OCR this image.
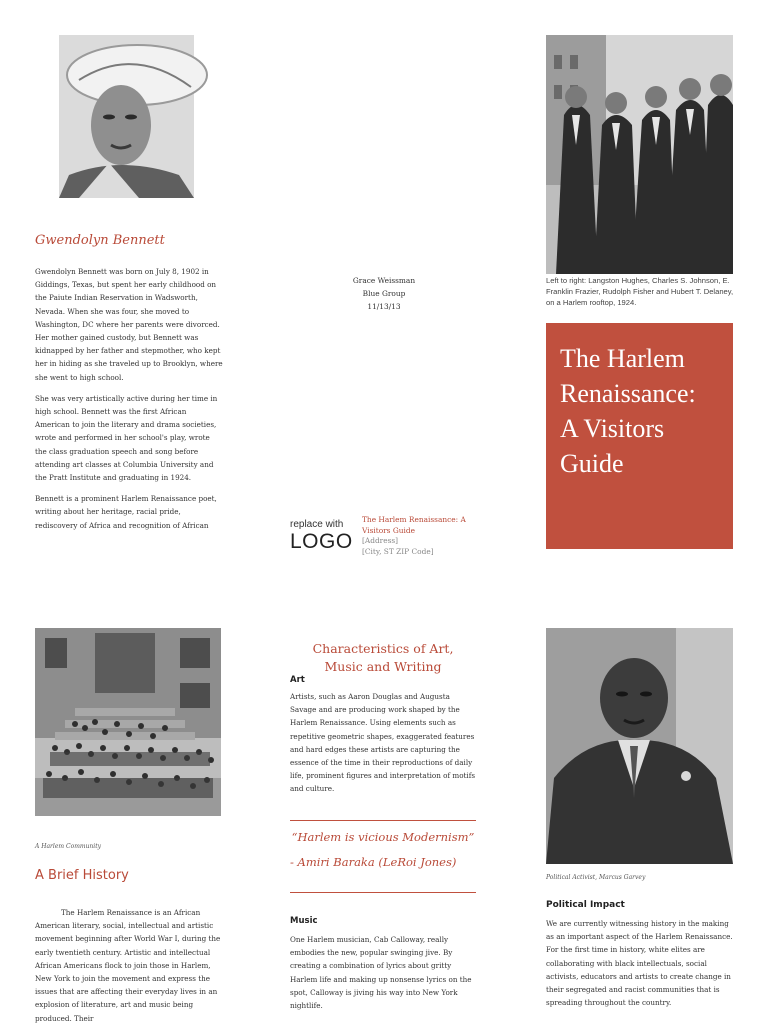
Gwendolyn Bennett

Gwendolyn Bennett was born on July 8, 1902 in Giddings, Texas, but spent her early childhood on the Paiute Indian Reservation in Wadsworth, Nevada. When she was four, she moved to Washington, DC where her parents were divorced. Her mother gained custody, but Bennett was kidnapped by her father and stepmother, who kept her in hiding as she traveled up to Brooklyn, where she went to high school.

She was very artistically active during her time in high school. Bennett was the first African American to join the literary and drama societies, wrote and performed in her school's play, wrote the class graduation speech and song before attending art classes at Columbia University and the Pratt Institute and graduating in 1924.

Bennett is a prominent Harlem Renaissance poet, writing about her heritage, racial pride, rediscovery of Africa and recognition of African

Grace Weissman
Blue Group
11/13/13
replace with
LOGO
The Harlem Renaissance: A Visitors Guide
[Address]
[City, ST ZIP Code]
Left to right: Langston Hughes, Charles S. Johnson, E. Franklin Frazier, Rudolph Fisher and Hubert T. Delaney, on a Harlem rooftop, 1924.
The Harlem
Renaissance:
A Visitors
Guide
A Harlem Community
A Brief History
The Harlem Renaissance is an African American literary, social, intellectual and artistic movement beginning after World War I, during the early twentieth century. Artistic and intellectual African Americans flock to join those in Harlem, New York to join the movement and express the issues that are affecting their everyday lives in an explosion of literature, art and music being produced. Their
Characteristics of Art,
Music and Writing
Art
Artists, such as Aaron Douglas and Augusta Savage and are producing work shaped by the Harlem Renaissance. Using elements such as repetitive geometric shapes, exaggerated features and hard edges these artists are capturing the essence of the time in their reproductions of daily life, prominent figures and interpretation of motifs and culture.
“Harlem is vicious Modernism”
- Amiri Baraka (LeRoi Jones)
Music
One Harlem musician, Cab Calloway, really embodies the new, popular swinging jive. By creating a combination of lyrics about gritty Harlem life and making up nonsense lyrics on the spot, Calloway is jiving his way into New York nightlife.
Political Activist, Marcus Garvey
Political Impact
We are currently witnessing history in the making as an important aspect of the Harlem Renaissance. For the first time in history, white elites are collaborating with black intellectuals, social activists, educators and artists to create change in their segregated and racist communities that is spreading throughout the country.
